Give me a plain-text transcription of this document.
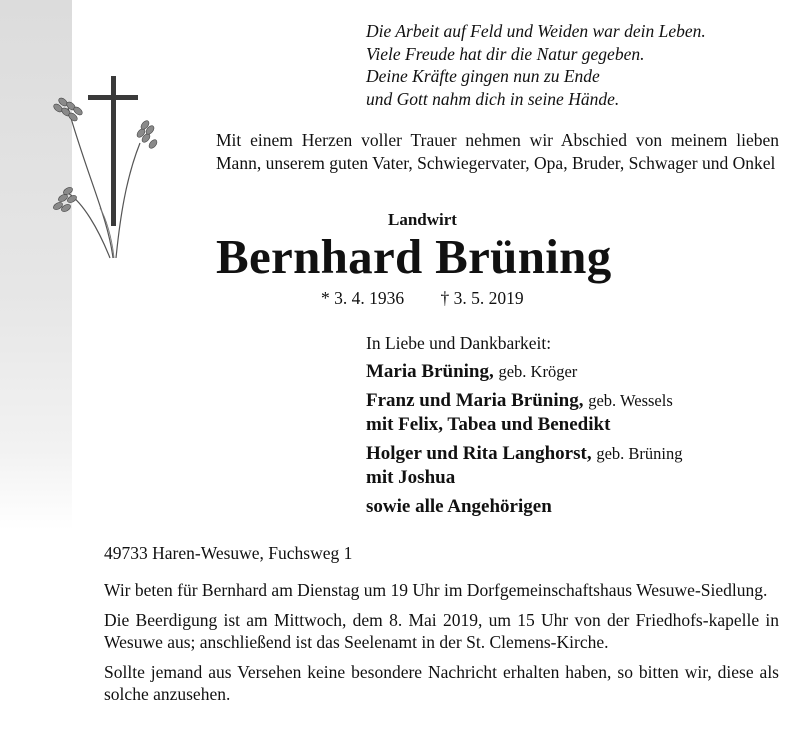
Die Arbeit auf Feld und Weiden war dein Leben.
Viele Freude hat dir die Natur gegeben.
Deine Kräfte gingen nun zu Ende
und Gott nahm dich in seine Hände.
Mit einem Herzen voller Trauer nehmen wir Abschied von meinem lieben Mann, unserem guten Vater, Schwiegervater, Opa, Bruder, Schwager und Onkel
Landwirt
Bernhard Brüning
* 3. 4. 1936 † 3. 5. 2019
In Liebe und Dankbarkeit:
Maria Brüning, geb. Kröger
Franz und Maria Brüning, geb. Wessels
mit Felix, Tabea und Benedikt
Holger und Rita Langhorst, geb. Brüning
mit Joshua
sowie alle Angehörigen
49733 Haren-Wesuwe, Fuchsweg 1

Wir beten für Bernhard am Dienstag um 19 Uhr im Dorfgemeinschaftshaus Wesuwe-Siedlung.

Die Beerdigung ist am Mittwoch, dem 8. Mai 2019, um 15 Uhr von der Friedhofs-kapelle in Wesuwe aus; anschließend ist das Seelenamt in der St. Clemens-Kirche.

Sollte jemand aus Versehen keine besondere Nachricht erhalten haben, so bitten wir, diese als solche anzusehen.
